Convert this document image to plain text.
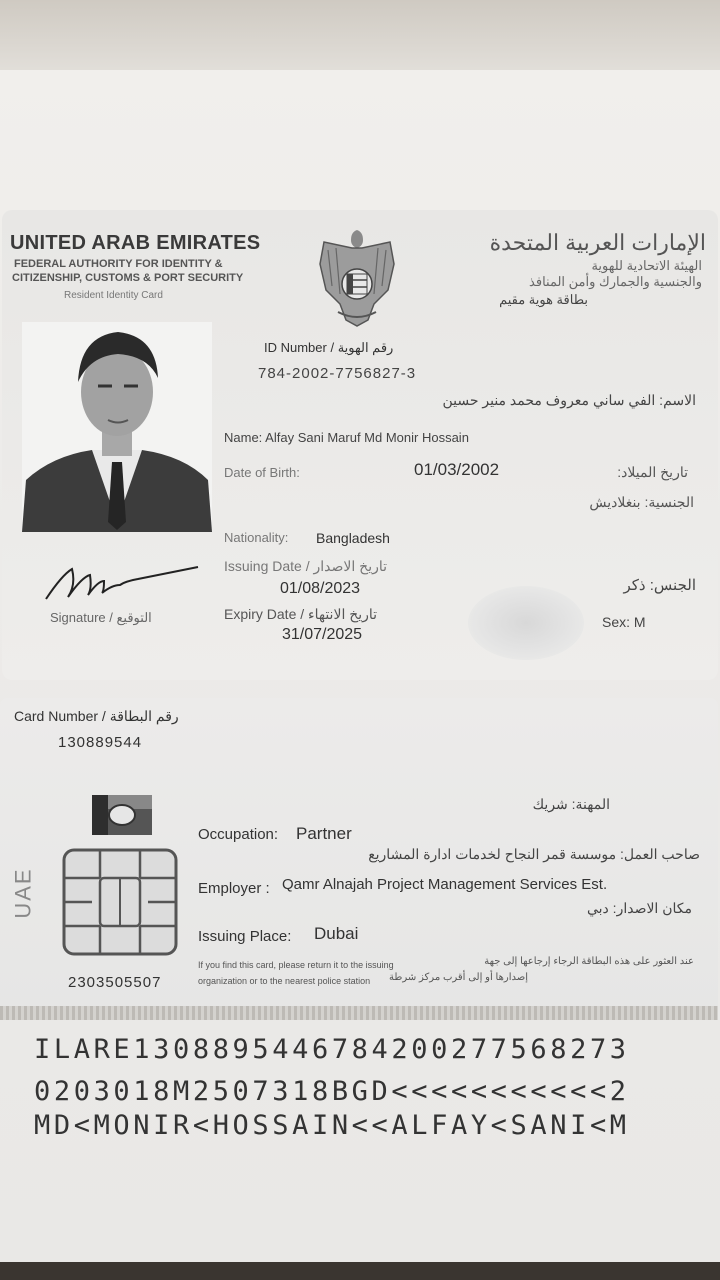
UNITED ARAB EMIRATES
FEDERAL AUTHORITY FOR IDENTITY &
CITIZENSHIP, CUSTOMS & PORT SECURITY
Resident Identity Card
الإمارات العربية المتحدة
الهيئة الاتحادية للهوية
والجنسية والجمارك وأمن المنافذ
بطاقة هوية مقيم
Signature / التوقيع
ID Number / رقم الهوية
784-2002-7756827-3
الاسم: الفي ساني معروف محمد منير حسين
Name: Alfay Sani Maruf Md Monir Hossain
Date of Birth:	01/03/2002	تاريخ الميلاد:
الجنسية: بنغلاديش
Nationality: Bangladesh
Issuing Date / تاريخ الاصدار
01/08/2023
Expiry Date / تاريخ الانتهاء
31/07/2025
الجنس: ذكر
Sex: M
Card Number / رقم البطاقة
130889544
UAE
2303505507
المهنة: شريك
Occupation: Partner
صاحب العمل: موسسة قمر النجاح لخدمات ادارة المشاريع
Employer : Qamr Alnajah Project Management Services Est.
مكان الاصدار: دبي
Issuing Place: Dubai
If you find this card, please return it to the issuing
organization or to the nearest police station
عند العثور على هذه البطاقة الرجاء إرجاعها إلى جهة
إصدارها أو إلى أقرب مركز شرطة
ILARE1308895446784200277568273
0203018M2507318BGD<<<<<<<<<<<2
MD<MONIR<HOSSAIN<<ALFAY<SANI<M
